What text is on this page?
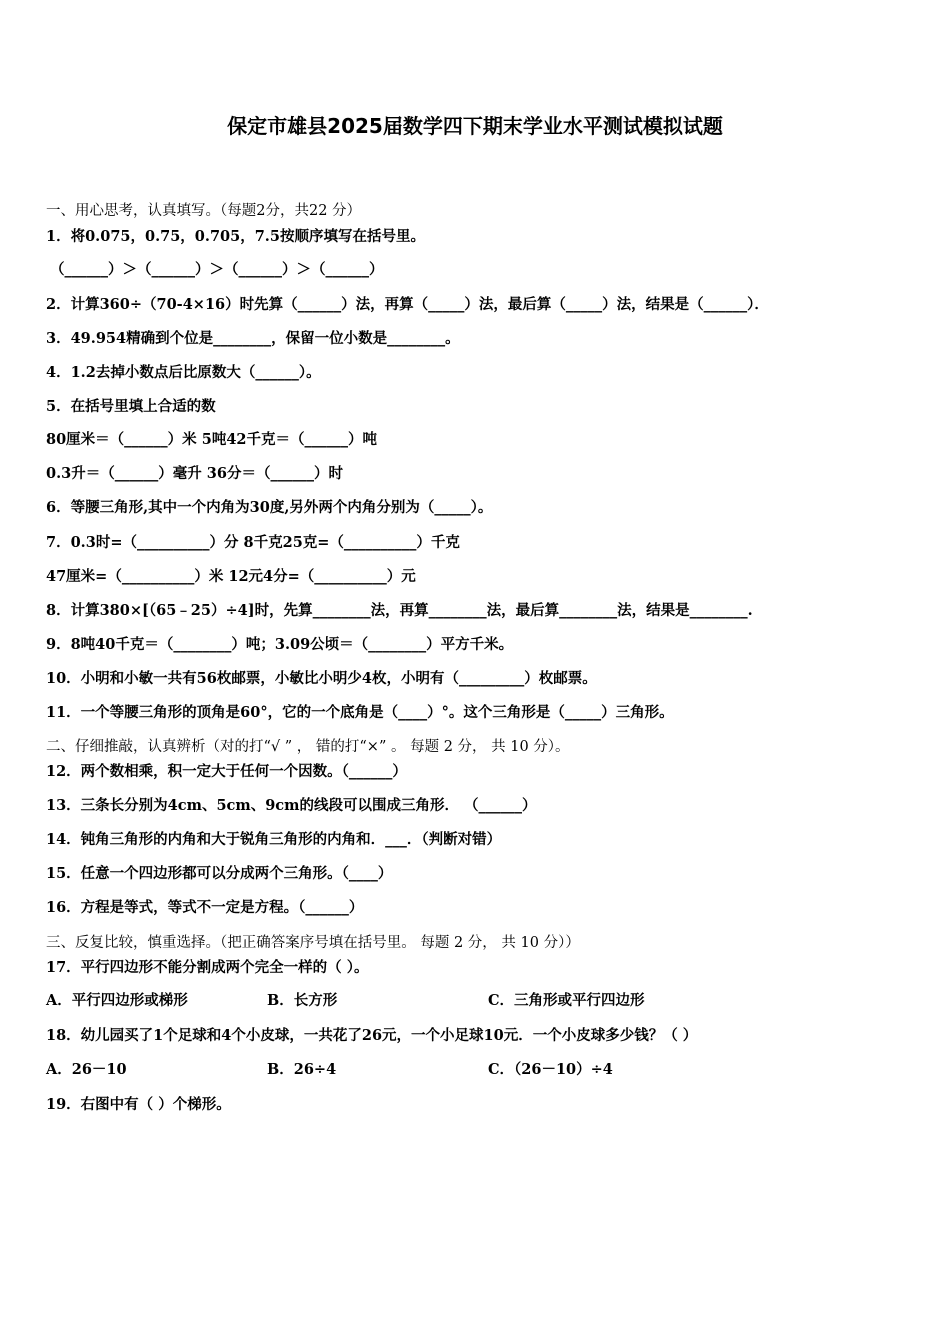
保定市雄县2025届数学四下期末学业水平测试模拟试题
一、用心思考，认真填写。（每题2分，共22 分）
1．将0.075，0.75，0.705，7.5按顺序填写在括号里。
（______）＞（______）＞（______）＞（______）
2．计算360÷（70-4×16）时先算（______）法，再算（_____）法，最后算（_____）法，结果是（______）．
3．49.954精确到个位是________，保留一位小数是________。
4．1.2去掉小数点后比原数大（______）。
5．在括号里填上合适的数
80厘米＝（______）米 5吨42千克＝（______）吨
0.3升＝（______）毫升 36分＝（______）时
6．等腰三角形,其中一个内角为30度,另外两个内角分别为（_____）。
7．0.3时=（__________）分 8千克25克=（__________）千克
47厘米=（__________）米 12元4分=（__________）元
8．计算380×[（65﹣25）÷4]时，先算________法，再算________法，最后算________法，结果是________.
9．8吨40千克＝（________）吨；3.09公顷＝（________）平方千米。
10．小明和小敏一共有56枚邮票，小敏比小明少4枚，小明有（_________）枚邮票。
11．一个等腰三角形的顶角是60°，它的一个底角是（____）°。这个三角形是（_____）三角形。
二、仔细推敲，认真辨析（对的打“√ ” ， 错的打“×” 。 每题 2 分， 共 10 分）。
12．两个数相乘，积一定大于任何一个因数。（______）
13．三条长分别为4cm、5cm、9cm的线段可以围成三角形． （______）
14．钝角三角形的内角和大于锐角三角形的内角和．___．（判断对错）
15．任意一个四边形都可以分成两个三角形。（____）
16．方程是等式，等式不一定是方程。（______）
三、反复比较，慎重选择。（把正确答案序号填在括号里。 每题 2 分， 共 10 分））
17．平行四边形不能分割成两个完全一样的（ ）。
A．平行四边形或梯形	B．长方形	C．三角形或平行四边形
18．幼儿园买了1个足球和4个小皮球，一共花了26元，一个小足球10元．一个小皮球多少钱？（ ）
A．26－10	B．26÷4	C．（26－10）÷4
19．右图中有（ ）个梯形。
